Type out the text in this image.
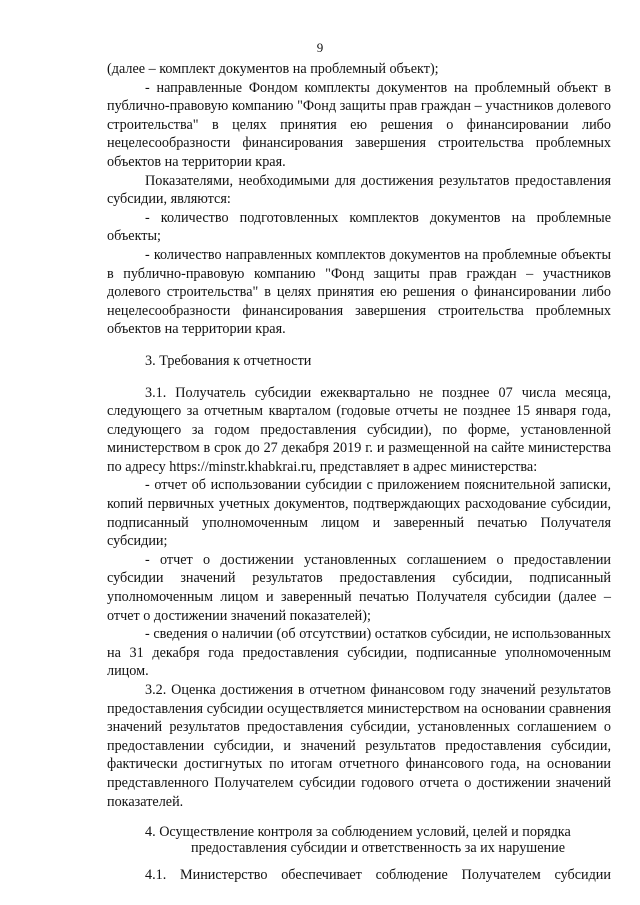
9

(далее – комплект документов на проблемный объект);

- направленные Фондом комплекты документов на проблемный объект в публично-правовую компанию "Фонд защиты прав граждан – участников долевого строительства" в целях принятия ею решения о финансировании либо нецелесообразности финансирования завершения строительства проблемных объектов на территории края.

Показателями, необходимыми для достижения результатов предоставления субсидии, являются:

- количество подготовленных комплектов документов на проблемные объекты;

- количество направленных комплектов документов на проблемные объекты в публично-правовую компанию "Фонд защиты прав граждан – участников долевого строительства" в целях принятия ею решения о финансировании либо нецелесообразности финансирования завершения строительства проблемных объектов на территории края.

3. Требования к отчетности

3.1. Получатель субсидии ежеквартально не позднее 07 числа месяца, следующего за отчетным кварталом (годовые отчеты не позднее 15 января года, следующего за годом предоставления субсидии), по форме, установленной министерством в срок до 27 декабря 2019 г. и размещенной на сайте министерства по адресу https://minstr.khabkrai.ru, представляет в адрес министерства:

- отчет об использовании субсидии с приложением пояснительной записки, копий первичных учетных документов, подтверждающих расходование субсидии, подписанный уполномоченным лицом и заверенный печатью Получателя субсидии;

- отчет о достижении установленных соглашением о предоставлении субсидии значений результатов предоставления субсидии, подписанный уполномоченным лицом и заверенный печатью Получателя субсидии (далее – отчет о достижении значений показателей);

- сведения о наличии (об отсутствии) остатков субсидии, не использованных на 31 декабря года предоставления субсидии, подписанные уполномоченным лицом.

3.2. Оценка достижения в отчетном финансовом году значений результатов предоставления субсидии осуществляется министерством на основании сравнения значений результатов предоставления субсидии, установленных соглашением о предоставлении субсидии, и значений результатов предоставления субсидии, фактически достигнутых по итогам отчетного финансового года, на основании представленного Получателем субсидии годового отчета о достижении значений показателей.

4. Осуществление контроля за соблюдением условий, целей и порядка

предоставления субсидии и ответственность за их нарушение

4.1. Министерство обеспечивает соблюдение Получателем субсидии
